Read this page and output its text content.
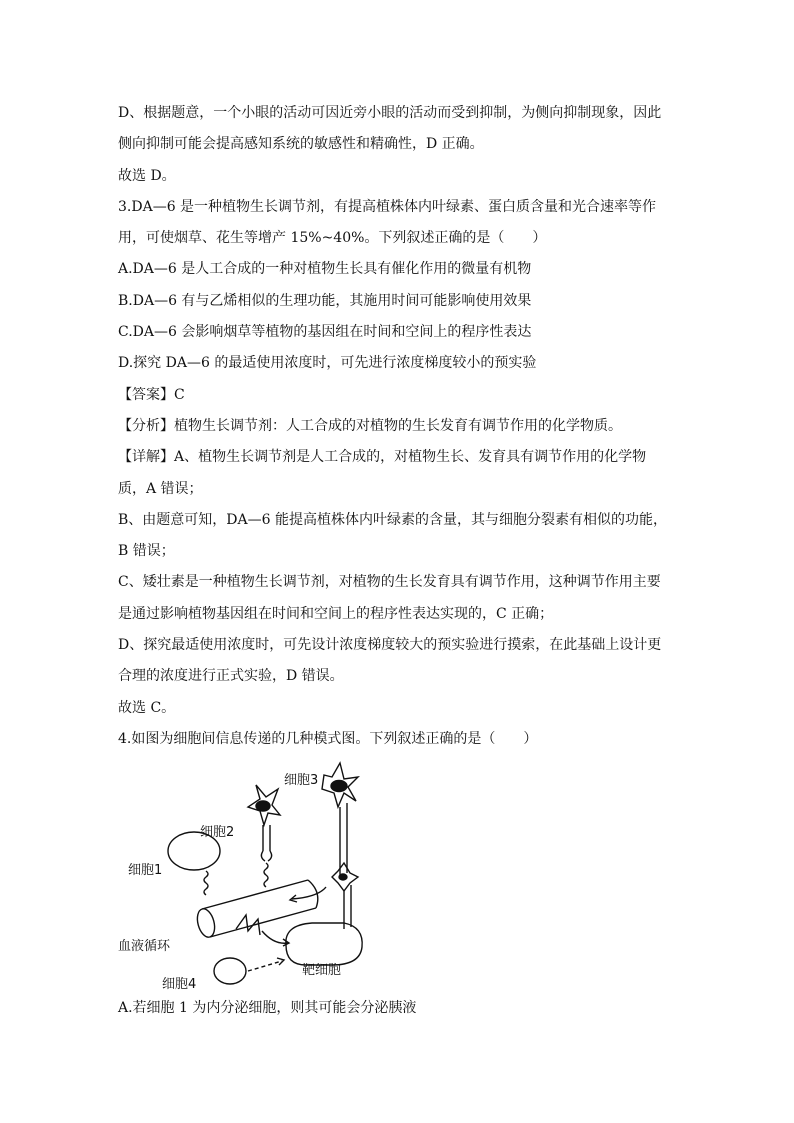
D、根据题意，一个小眼的活动可因近旁小眼的活动而受到抑制，为侧向抑制现象，因此
侧向抑制可能会提高感知系统的敏感性和精确性，D 正确。
故选 D。
3.DA—6 是一种植物生长调节剂，有提高植株体内叶绿素、蛋白质含量和光合速率等作
用，可使烟草、花生等增产 15%~40%。下列叙述正确的是（　　）
A.DA—6 是人工合成的一种对植物生长具有催化作用的微量有机物
B.DA—6 有与乙烯相似的生理功能，其施用时间可能影响使用效果
C.DA—6 会影响烟草等植物的基因组在时间和空间上的程序性表达
D.探究 DA—6 的最适使用浓度时，可先进行浓度梯度较小的预实验
【答案】C
【分析】植物生长调节剂：人工合成的对植物的生长发育有调节作用的化学物质。
【详解】A、植物生长调节剂是人工合成的，对植物生长、发育具有调节作用的化学物
质，A 错误；
B、由题意可知，DA—6 能提高植株体内叶绿素的含量，其与细胞分裂素有相似的功能，
B 错误；
C、矮壮素是一种植物生长调节剂，对植物的生长发育具有调节作用，这种调节作用主要
是通过影响植物基因组在时间和空间上的程序性表达实现的，C 正确；
D、探究最适使用浓度时，可先设计浓度梯度较大的预实验进行摸索，在此基础上设计更
合理的浓度进行正式实验，D 错误。
故选 C。
4.如图为细胞间信息传递的几种模式图。下列叙述正确的是（　　）
细胞3
细胞2
细胞1
血液循环
细胞4
靶细胞
A.若细胞 1 为内分泌细胞，则其可能会分泌胰液
